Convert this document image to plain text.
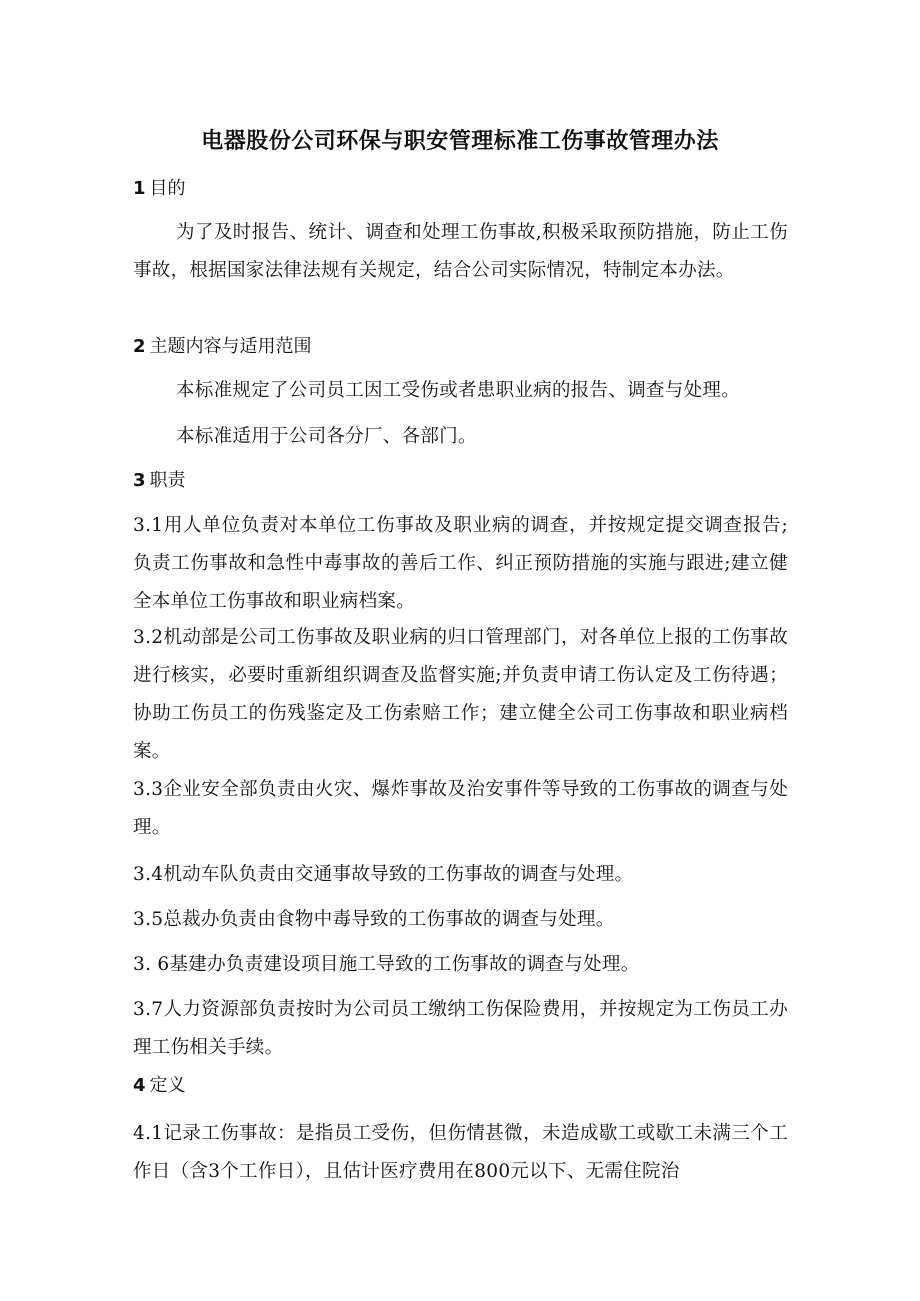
电器股份公司环保与职安管理标准工伤事故管理办法
1 目的
为了及时报告、统计、调查和处理工伤事故,积极采取预防措施，防止工伤事故，根据国家法律法规有关规定，结合公司实际情况，特制定本办法。
2 主题内容与适用范围
本标准规定了公司员工因工受伤或者患职业病的报告、调查与处理。
本标准适用于公司各分厂、各部门。
3 职责
3.1用人单位负责对本单位工伤事故及职业病的调查，并按规定提交调查报告;负责工伤事故和急性中毒事故的善后工作、纠正预防措施的实施与跟进;建立健全本单位工伤事故和职业病档案。
3.2机动部是公司工伤事故及职业病的归口管理部门，对各单位上报的工伤事故进行核实，必要时重新组织调查及监督实施;并负责申请工伤认定及工伤待遇；协助工伤员工的伤残鉴定及工伤索赔工作；建立健全公司工伤事故和职业病档案。
3.3企业安全部负责由火灾、爆炸事故及治安事件等导致的工伤事故的调查与处理。
3.4机动车队负责由交通事故导致的工伤事故的调查与处理。
3.5总裁办负责由食物中毒导致的工伤事故的调查与处理。
3. 6基建办负责建设项目施工导致的工伤事故的调查与处理。
3.7人力资源部负责按时为公司员工缴纳工伤保险费用，并按规定为工伤员工办理工伤相关手续。
4 定义
4.1记录工伤事故：是指员工受伤，但伤情甚微，未造成歇工或歇工未满三个工作日（含3个工作日），且估计医疗费用在800元以下、无需住院治
